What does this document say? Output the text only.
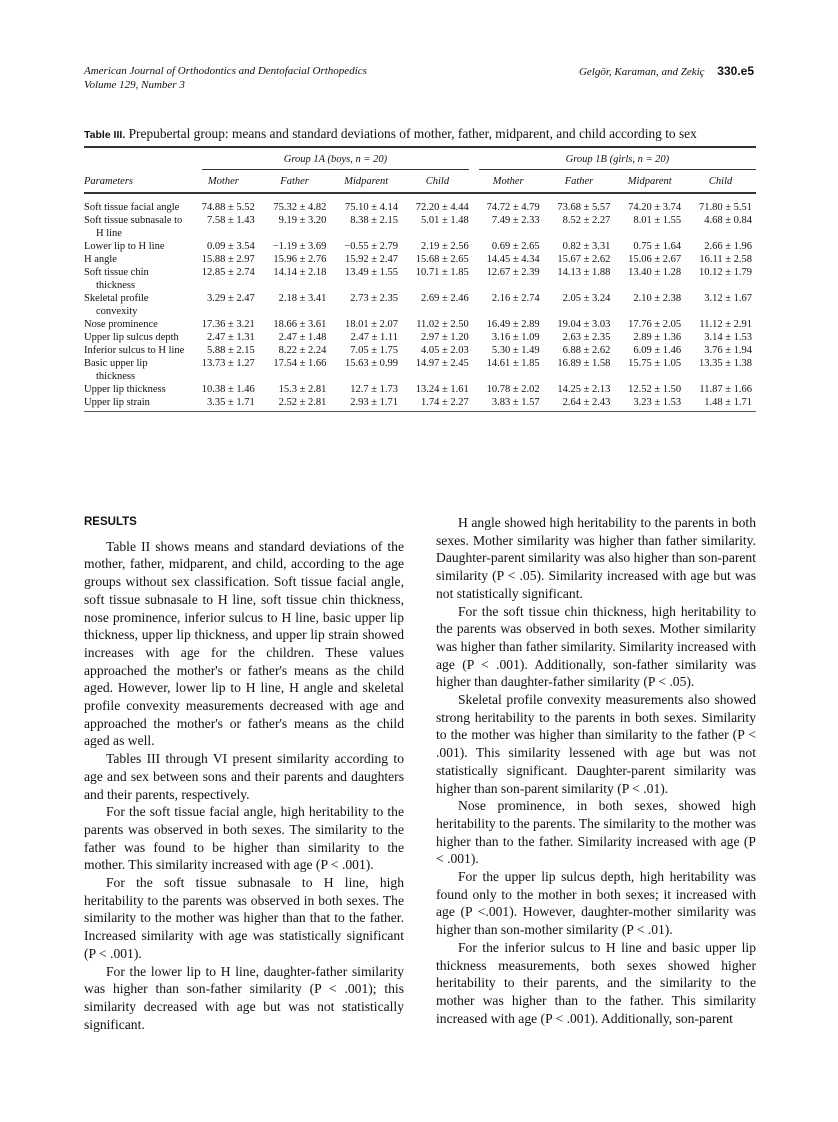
American Journal of Orthodontics and Dentofacial Orthopedics
Volume 129, Number 3
Gelgör, Karaman, and Zekiç 330.e5
Table III. Prepubertal group: means and standard deviations of mother, father, midparent, and child according to sex

	Group 1A (boys, n = 20)				Group 1B (girls, n = 20)			

Parameters	Mother	Father	Midparent	Child	Mother	Father	Midparent	Child

Soft tissue facial angle	74.88 ± 5.52	75.32 ± 4.82	75.10 ± 4.14	72.20 ± 4.44	74.72 ± 4.79	73.68 ± 5.57	74.20 ± 3.74	71.80 ± 5.51

Soft tissue subnasale to H line	7.58 ± 1.43	9.19 ± 3.20	8.38 ± 2.15	5.01 ± 1.48	7.49 ± 2.33	8.52 ± 2.27	8.01 ± 1.55	4.68 ± 0.84

Lower lip to H line	0.09 ± 3.54	−1.19 ± 3.69	−0.55 ± 2.79	2.19 ± 2.56	0.69 ± 2.65	0.82 ± 3.31	0.75 ± 1.64	2.66 ± 1.96

H angle	15.88 ± 2.97	15.96 ± 2.76	15.92 ± 2.47	15.68 ± 2.65	14.45 ± 4.34	15.67 ± 2.62	15.06 ± 2.67	16.11 ± 2.58

Soft tissue chin thickness	12.85 ± 2.74	14.14 ± 2.18	13.49 ± 1.55	10.71 ± 1.85	12.67 ± 2.39	14.13 ± 1.88	13.40 ± 1.28	10.12 ± 1.79

Skeletal profile convexity	3.29 ± 2.47	2.18 ± 3.41	2.73 ± 2.35	2.69 ± 2.46	2.16 ± 2.74	2.05 ± 3.24	2.10 ± 2.38	3.12 ± 1.67

Nose prominence	17.36 ± 3.21	18.66 ± 3.61	18.01 ± 2.07	11.02 ± 2.50	16.49 ± 2.89	19.04 ± 3.03	17.76 ± 2.05	11.12 ± 2.91

Upper lip sulcus depth	2.47 ± 1.31	2.47 ± 1.48	2.47 ± 1.11	2.97 ± 1.20	3.16 ± 1.09	2.63 ± 2.35	2.89 ± 1.36	3.14 ± 1.53

Inferior sulcus to H line	5.88 ± 2.15	8.22 ± 2.24	7.05 ± 1.75	4.05 ± 2.03	5.30 ± 1.49	6.88 ± 2.62	6.09 ± 1.46	3.76 ± 1.94

Basic upper lip thickness	13.73 ± 1.27	17.54 ± 1.66	15.63 ± 0.99	14.97 ± 2.45	14.61 ± 1.85	16.89 ± 1.58	15.75 ± 1.05	13.35 ± 1.38

Upper lip thickness	10.38 ± 1.46	15.3 ± 2.81	12.7 ± 1.73	13.24 ± 1.61	10.78 ± 2.02	14.25 ± 2.13	12.52 ± 1.50	11.87 ± 1.66

Upper lip strain	3.35 ± 1.71	2.52 ± 2.81	2.93 ± 1.71	1.74 ± 2.27	3.83 ± 1.57	2.64 ± 2.43	3.23 ± 1.53	1.48 ± 1.71
RESULTS

Table II shows means and standard deviations of the mother, father, midparent, and child, according to the age groups without sex classification. Soft tissue facial angle, soft tissue subnasale to H line, soft tissue chin thickness, nose prominence, inferior sulcus to H line, basic upper lip thickness, upper lip thickness, and upper lip strain showed increases with age for the children. These values approached the mother's or father's means as the child aged. However, lower lip to H line, H angle and skeletal profile convexity measurements decreased with age and approached the mother's or father's means as the child aged as well.

Tables III through VI present similarity according to age and sex between sons and their parents and daughters and their parents, respectively.

For the soft tissue facial angle, high heritability to the parents was observed in both sexes. The similarity to the father was found to be higher than similarity to the mother. This similarity increased with age (P < .001).

For the soft tissue subnasale to H line, high heritability to the parents was observed in both sexes. The similarity to the mother was higher than that to the father. Increased similarity with age was statistically significant (P < .001).

For the lower lip to H line, daughter-father similarity was higher than son-father similarity (P < .001); this similarity decreased with age but was not statistically significant.

H angle showed high heritability to the parents in both sexes. Mother similarity was higher than father similarity. Daughter-parent similarity was also higher than son-parent similarity (P < .05). Similarity increased with age but was not statistically significant.

For the soft tissue chin thickness, high heritability to the parents was observed in both sexes. Mother similarity was higher than father similarity. Similarity increased with age (P < .001). Additionally, son-father similarity was higher than daughter-father similarity (P < .05).

Skeletal profile convexity measurements also showed strong heritability to the parents in both sexes. Similarity to the mother was higher than similarity to the father (P < .001). This similarity lessened with age but was not statistically significant. Daughter-parent similarity was higher than son-parent similarity (P < .01).

Nose prominence, in both sexes, showed high heritability to the parents. The similarity to the mother was higher than to the father. Similarity increased with age (P < .001).

For the upper lip sulcus depth, high heritability was found only to the mother in both sexes; it increased with age (P <.001). However, daughter-mother similarity was higher than son-mother similarity (P < .01).

For the inferior sulcus to H line and basic upper lip thickness measurements, both sexes showed higher heritability to their parents, and the similarity to the mother was higher than to the father. This similarity increased with age (P < .001). Additionally, son-parent
